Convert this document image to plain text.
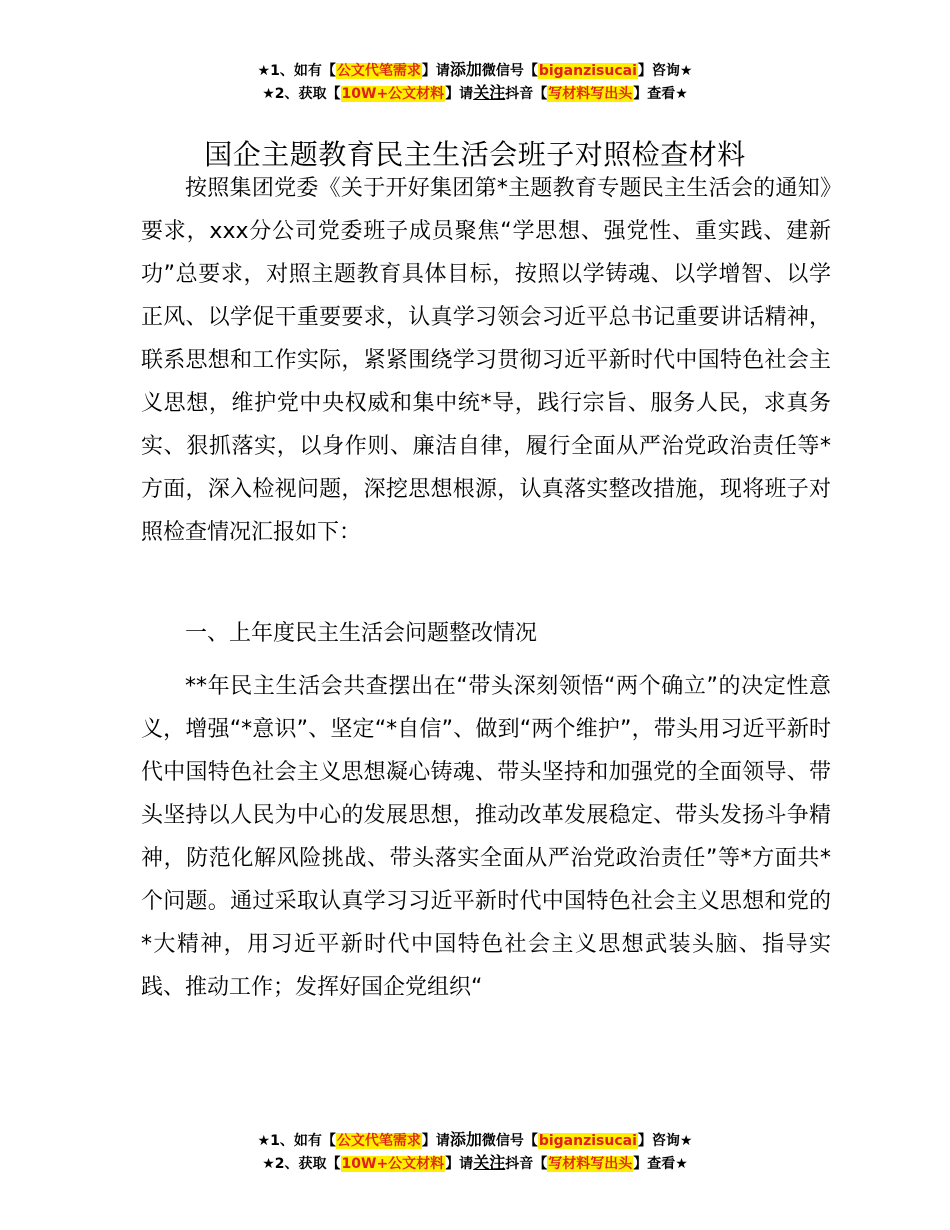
★1、如有【公文代笔需求】请添加微信号【biganzisucai】咨询★
★2、获取【10W+公文材料】请关注抖音【写材料写出头】查看★
国企主题教育民主生活会班子对照检查材料

按照集团党委《关于开好集团第*主题教育专题民主生活会的通知》要求，xxx分公司党委班子成员聚焦“学思想、强党性、重实践、建新功”总要求，对照主题教育具体目标，按照以学铸魂、以学增智、以学正风、以学促干重要要求，认真学习领会习近平总书记重要讲话精神，联系思想和工作实际，紧紧围绕学习贯彻习近平新时代中国特色社会主义思想，维护党中央权威和集中统*导，践行宗旨、服务人民，求真务实、狠抓落实，以身作则、廉洁自律，履行全面从严治党政治责任等*方面，深入检视问题，深挖思想根源，认真落实整改措施，现将班子对照检查情况汇报如下：

一、上年度民主生活会问题整改情况

**年民主生活会共查摆出在“带头深刻领悟“两个确立”的决定性意义，增强“*意识”、坚定“*自信”、做到“两个维护”，带头用习近平新时代中国特色社会主义思想凝心铸魂、带头坚持和加强党的全面领导、带头坚持以人民为中心的发展思想，推动改革发展稳定、带头发扬斗争精神，防范化解风险挑战、带头落实全面从严治党政治责任”等*方面共*个问题。通过采取认真学习习近平新时代中国特色社会主义思想和党的*大精神，用习近平新时代中国特色社会主义思想武装头脑、指导实践、推动工作；发挥好国企党组织“

★1、如有【公文代笔需求】请添加微信号【biganzisucai】咨询★
★2、获取【10W+公文材料】请关注抖音【写材料写出头】查看★
